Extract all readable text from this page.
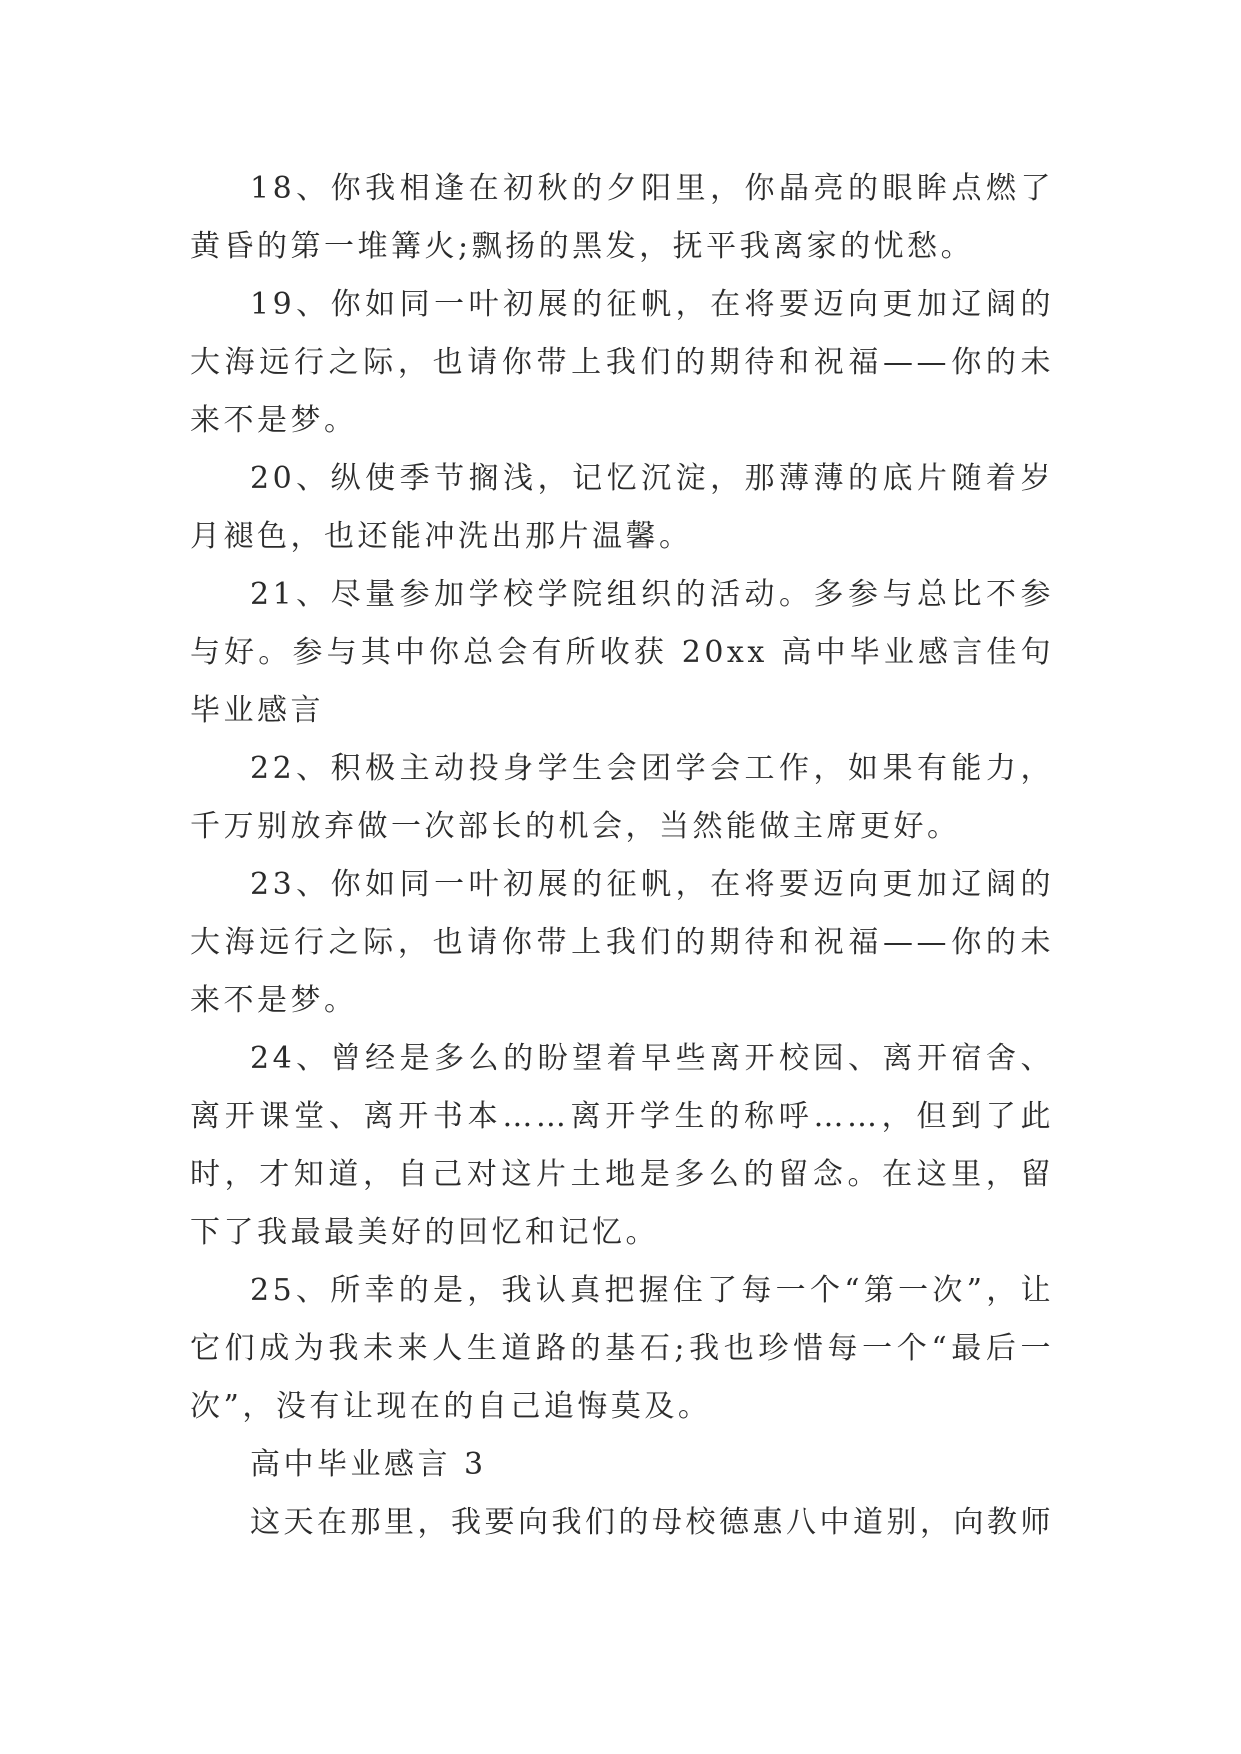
18、你我相逢在初秋的夕阳里，你晶亮的眼眸点燃了黄昏的第一堆篝火;飘扬的黑发，抚平我离家的忧愁。

19、你如同一叶初展的征帆，在将要迈向更加辽阔的大海远行之际，也请你带上我们的期待和祝福——你的未来不是梦。

20、纵使季节搁浅，记忆沉淀，那薄薄的底片随着岁月褪色，也还能冲洗出那片温馨。

21、尽量参加学校学院组织的活动。多参与总比不参与好。参与其中你总会有所收获 20xx 高中毕业感言佳句毕业感言

22、积极主动投身学生会团学会工作，如果有能力，千万别放弃做一次部长的机会，当然能做主席更好。

23、你如同一叶初展的征帆，在将要迈向更加辽阔的大海远行之际，也请你带上我们的期待和祝福——你的未来不是梦。

24、曾经是多么的盼望着早些离开校园、离开宿舍、离开课堂、离开书本……离开学生的称呼……，但到了此时，才知道，自己对这片土地是多么的留念。在这里，留下了我最最美好的回忆和记忆。

25、所幸的是，我认真把握住了每一个“第一次”，让它们成为我未来人生道路的基石;我也珍惜每一个“最后一次”，没有让现在的自己追悔莫及。

高中毕业感言 3

这天在那里，我要向我们的母校德惠八中道别，向教师
